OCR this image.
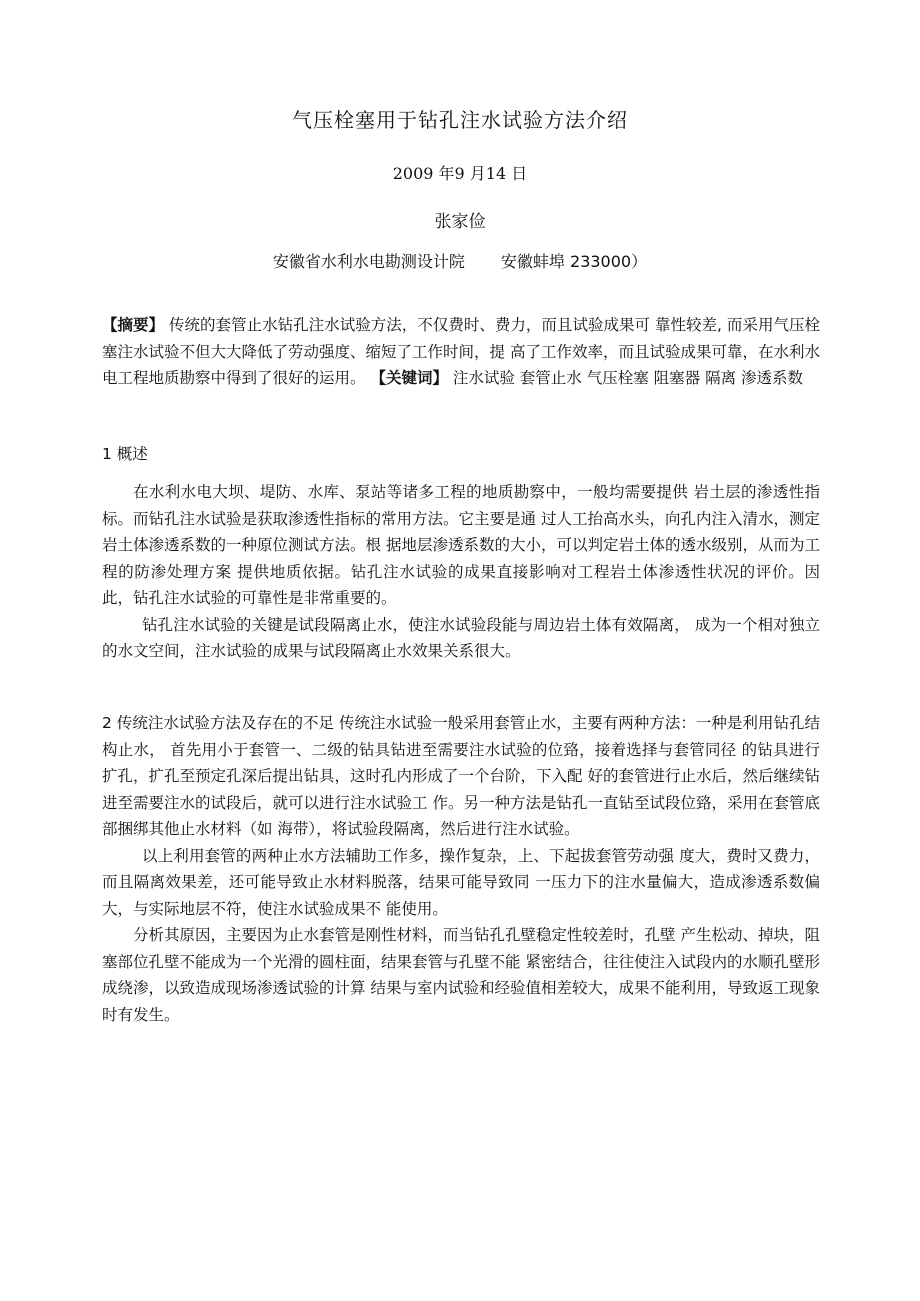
气压栓塞用于钻孔注水试验方法介绍
2009 年9 月14 日
张家俭
安徽省水利水电勘测设计院 安徽蚌埠 233000）

【摘要】 传统的套管止水钻孔注水试验方法，不仅费时、费力，而且试验成果可 靠性较差, 而采用气压栓塞注水试验不但大大降低了劳动强度、缩短了工作时间，提 高了工作效率，而且试验成果可靠，在水利水电工程地质勘察中得到了很好的运用。 【关键词】 注水试验 套管止水 气压栓塞 阻塞器 隔离 渗透系数

1 概述

在水利水电大坝、堤防、水库、泵站等诸多工程的地质勘察中，一般均需要提供 岩土层的渗透性指标。而钻孔注水试验是获取渗透性指标的常用方法。它主要是通 过人工抬高水头，向孔内注入清水，测定岩土体渗透系数的一种原位测试方法。根 据地层渗透系数的大小，可以判定岩土体的透水级别，从而为工程的防渗处理方案 提供地质依据。钻孔注水试验的成果直接影响对工程岩土体渗透性状况的评价。因 此，钻孔注水试验的可靠性是非常重要的。

钻孔注水试验的关键是试段隔离止水，使注水试验段能与周边岩土体有效隔离， 成为一个相对独立的水文空间，注水试验的成果与试段隔离止水效果关系很大。

2 传统注水试验方法及存在的不足 传统注水试验一般采用套管止水，主要有两种方法：一种是利用钻孔结构止水， 首先用小于套管一、二级的钻具钻进至需要注水试验的位臵，接着选择与套管同径 的钻具进行扩孔，扩孔至预定孔深后提出钻具，这时孔内形成了一个台阶，下入配 好的套管进行止水后，然后继续钻进至需要注水的试段后，就可以进行注水试验工 作。另一种方法是钻孔一直钻至试段位臵，采用在套管底部捆绑其他止水材料（如 海带），将试验段隔离，然后进行注水试验。

以上利用套管的两种止水方法辅助工作多，操作复杂，上、下起拔套管劳动强 度大，费时又费力，而且隔离效果差，还可能导致止水材料脱落，结果可能导致同 一压力下的注水量偏大，造成渗透系数偏大，与实际地层不符，使注水试验成果不 能使用。

分析其原因，主要因为止水套管是刚性材料，而当钻孔孔壁稳定性较差时，孔壁 产生松动、掉块，阻塞部位孔壁不能成为一个光滑的圆柱面，结果套管与孔壁不能 紧密结合，往往使注入试段内的水顺孔壁形成绕渗，以致造成现场渗透试验的计算 结果与室内试验和经验值相差较大，成果不能利用，导致返工现象时有发生。
